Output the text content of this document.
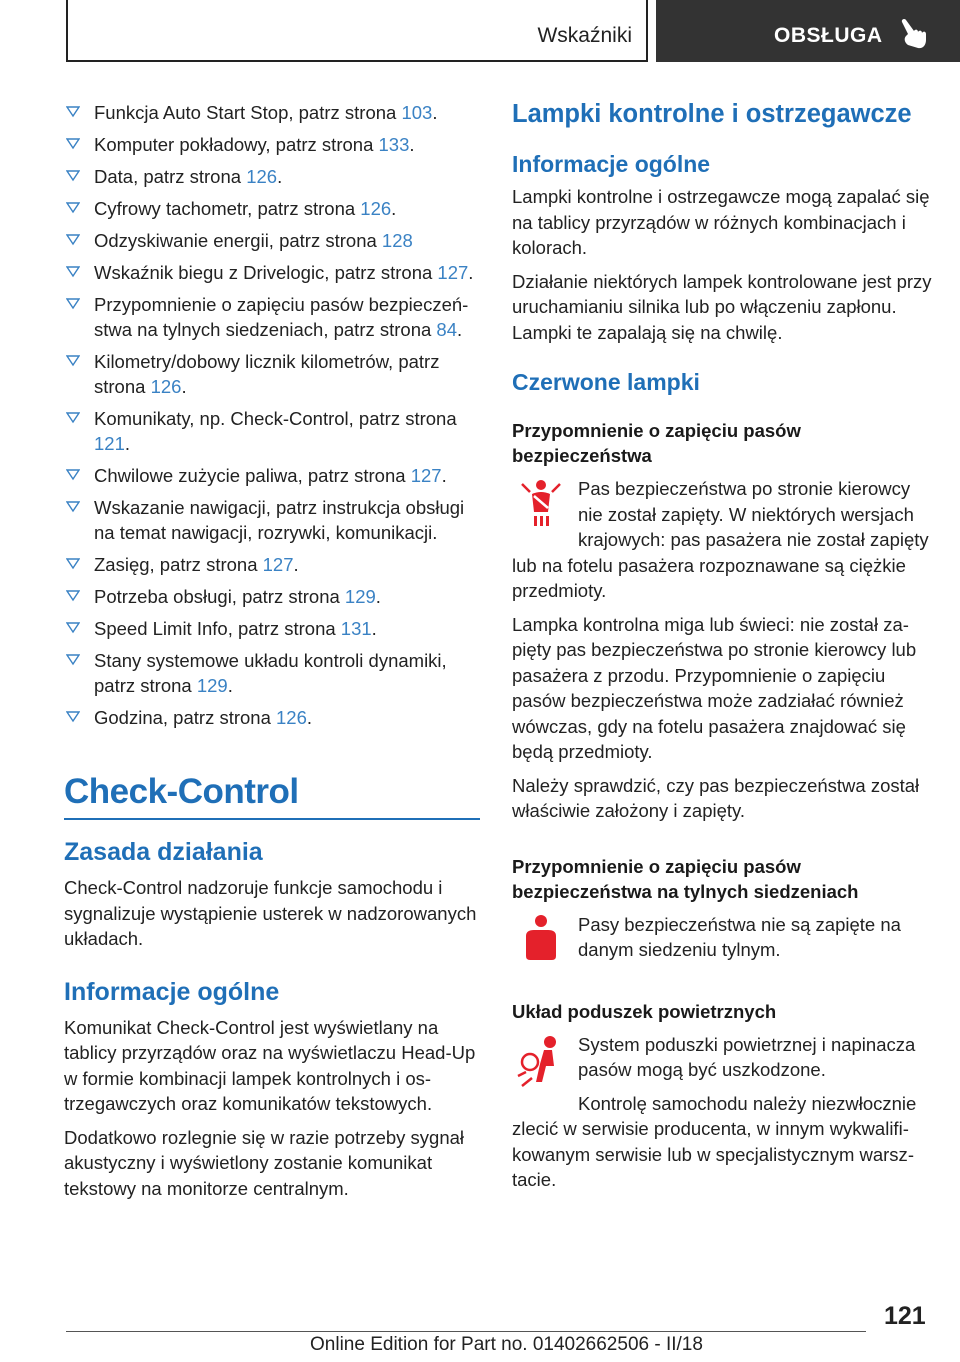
Wskaźniki	OBSŁUGA
Funkcja Auto Start Stop, patrz strona 103.
Komputer pokładowy, patrz strona 133.
Data, patrz strona 126.
Cyfrowy tachometr, patrz strona 126.
Odzyskiwanie energii, patrz strona 128
Wskaźnik biegu z Drivelogic, patrz strona 127.
Przypomnienie o zapięciu pasów bezpieczeństwa na tylnych siedzeniach, patrz strona 84.
Kilometry/dobowy licznik kilometrów, patrz strona 126.
Komunikaty, np. Check-Control, patrz strona 121.
Chwilowe zużycie paliwa, patrz strona 127.
Wskazanie nawigacji, patrz instrukcja obsługi na temat nawigacji, rozrywki, komunikacji.
Zasięg, patrz strona 127.
Potrzeba obsługi, patrz strona 129.
Speed Limit Info, patrz strona 131.
Stany systemowe układu kontroli dynamiki, patrz strona 129.
Godzina, patrz strona 126.
Check-Control
Zasada działania

Check-Control nadzoruje funkcje samochodu i sygnalizuje wystąpienie usterek w nadzorowanych układach.

Informacje ogólne

Komunikat Check-Control jest wyświetlany na tablicy przyrządów oraz na wyświetlaczu Head-Up w formie kombinacji lampek kontrolnych i ostrzegawczych oraz komunikatów tekstowych.

Dodatkowo rozlegnie się w razie potrzeby sygnał akustyczny i wyświetlony zostanie komunikat tekstowy na monitorze centralnym.

Lampki kontrolne i ostrzegawcze
Informacje ogólne

Lampki kontrolne i ostrzegawcze mogą zapalać się na tablicy przyrządów w różnych kombinacjach i kolorach.

Działanie niektórych lampek kontrolowane jest przy uruchamianiu silnika lub po włączeniu zapłonu. Lampki te zapalają się na chwilę.

Czerwone lampki
Przypomnienie o zapięciu pasów bezpieczeństwa

Pas bezpieczeństwa po stronie kierowcy nie został zapięty. W niektórych wersjach krajowych: pas pasażera nie został zapięty lub na fotelu pasażera rozpoznawane są ciężkie przedmioty.

Lampka kontrolna miga lub świeci: nie został zapięty pas bezpieczeństwa po stronie kierowcy lub pasażera z przodu. Przypomnienie o zapięciu pasów bezpieczeństwa może zadziałać również wówczas, gdy na fotelu pasażera znajdować się będą przedmioty.

Należy sprawdzić, czy pas bezpieczeństwa został właściwie założony i zapięty.

Przypomnienie o zapięciu pasów bezpieczeństwa na tylnych siedzeniach

Pasy bezpieczeństwa nie są zapięte na danym siedzeniu tylnym.

Układ poduszek powietrznych

System poduszki powietrznej i napinacza pasów mogą być uszkodzone.

Kontrolę samochodu należy niezwłocznie zlecić w serwisie producenta, w innym wykwalifikowanym serwisie lub w specjalistycznym warsztacie.

121
Online Edition for Part no. 01402662506 - II/18
